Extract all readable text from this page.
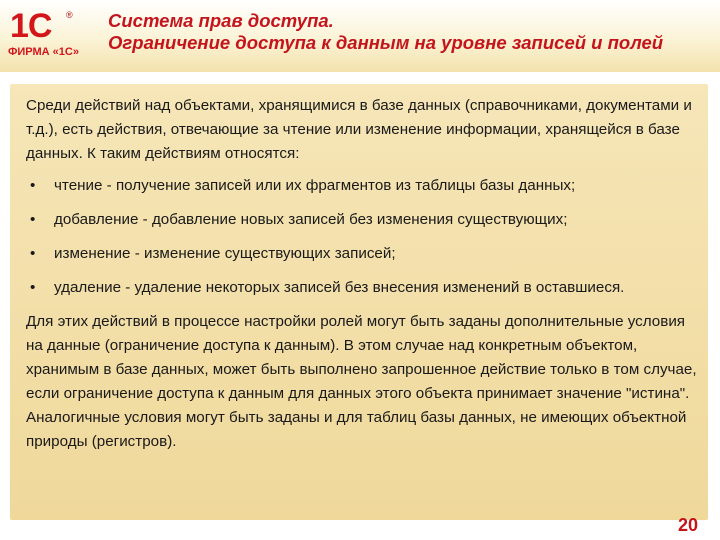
1C	®
ФИРМА «1С»
Система прав доступа.
Ограничение доступа к данным на уровне записей и полей

Среди действий над объектами, хранящимися в базе данных (справочниками, документами и т.д.), есть действия, отвечающие за чтение или изменение информации, хранящейся в базе данных. К таким действиям относятся:

• чтение - получение записей или их фрагментов из таблицы базы данных;
• добавление - добавление новых записей без изменения существующих;
• изменение - изменение существующих записей;
• удаление - удаление некоторых записей без внесения изменений в оставшиеся.

Для этих действий в процессе настройки ролей могут быть заданы дополнительные условия на данные (ограничение доступа к данным). В этом случае над конкретным объектом, хранимым в базе данных, может быть выполнено запрошенное действие только в том случае, если ограничение доступа к данным для данных этого объекта принимает значение "истина". Аналогичные условия могут быть заданы и для таблиц базы данных, не имеющих объектной природы (регистров).

20
